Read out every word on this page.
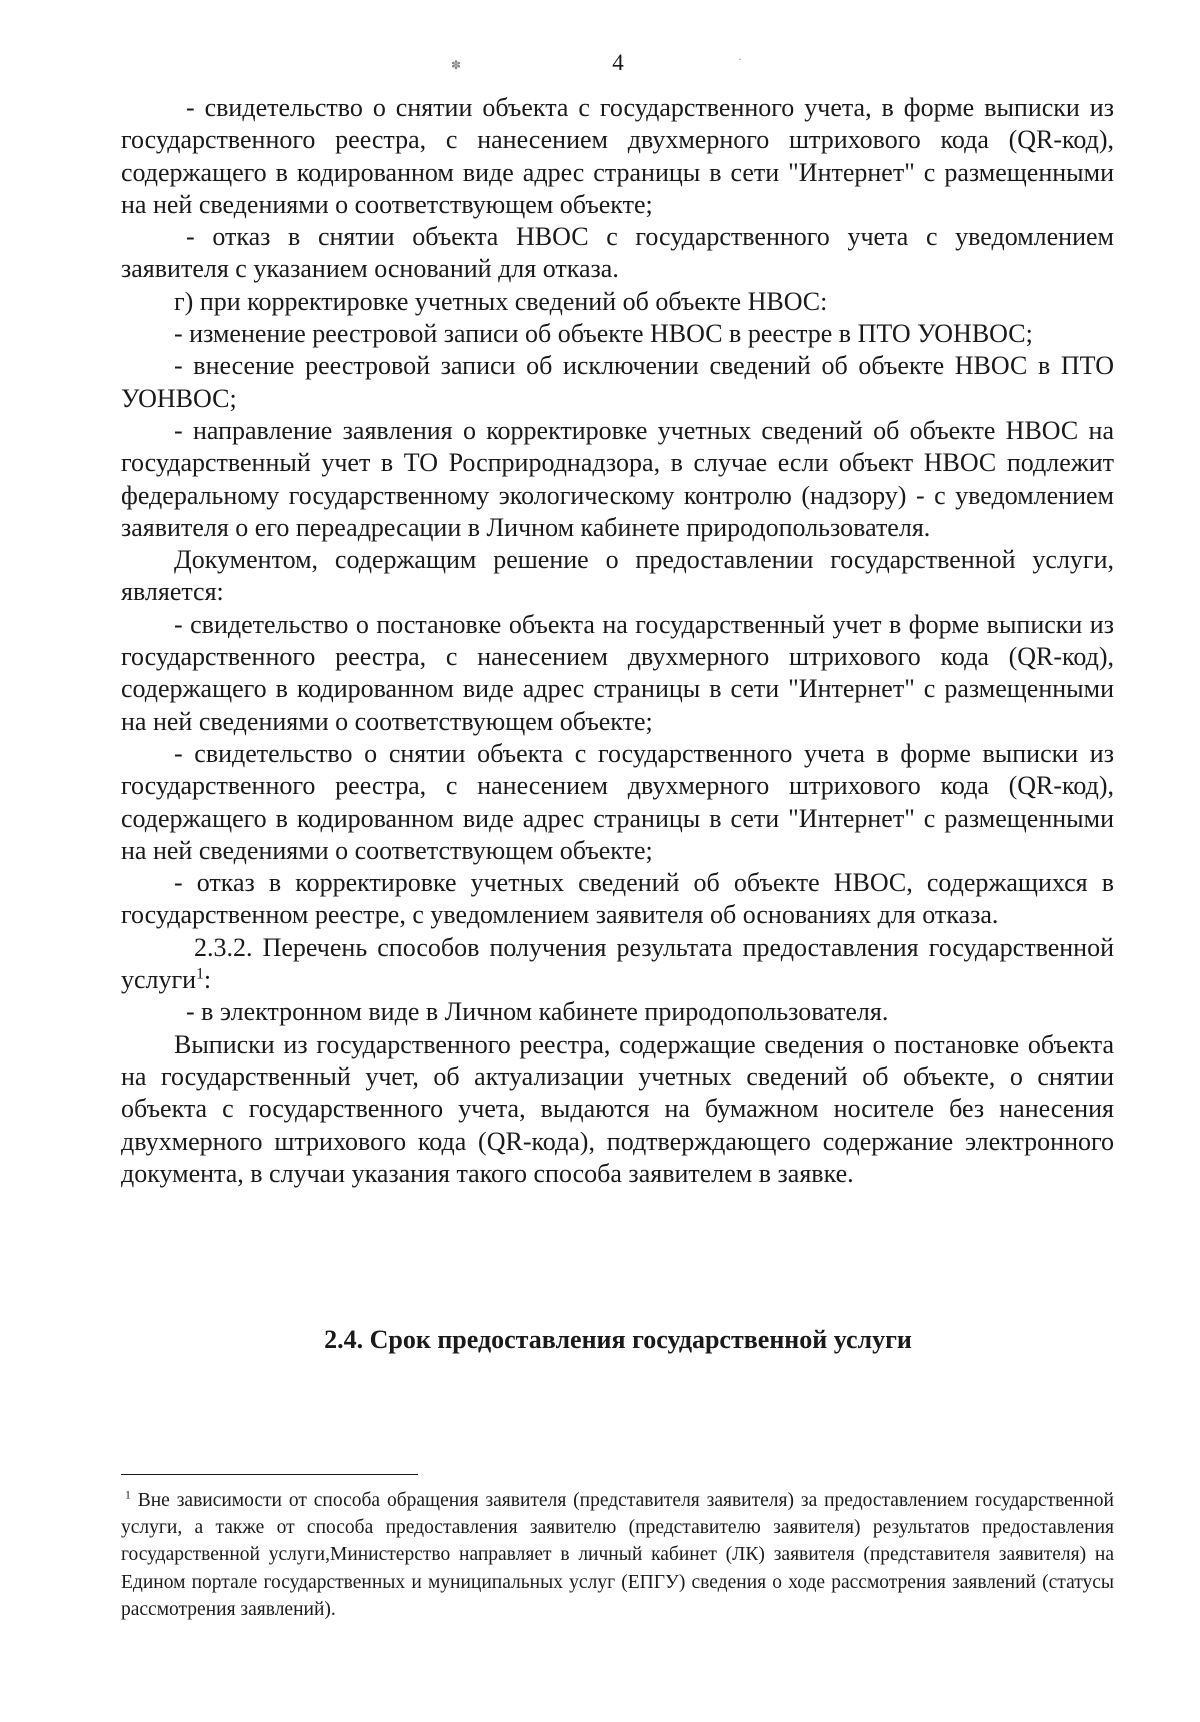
✽	·
4

- свидетельство о снятии объекта с государственного учета, в форме выписки из государственного реестра, с нанесением двухмерного штрихового кода (QR-код), содержащего в кодированном виде адрес страницы в сети "Интернет" с размещенными на ней сведениями о соответствующем объекте;

- отказ в снятии объекта НВОС с государственного учета с уведомлением заявителя с указанием оснований для отказа.

г) при корректировке учетных сведений об объекте НВОС:

- изменение реестровой записи об объекте НВОС в реестре в ПТО УОНВОС;

- внесение реестровой записи об исключении сведений об объекте НВОС в ПТО УОНВОС;

- направление заявления о корректировке учетных сведений об объекте НВОС на государственный учет в ТО Росприроднадзора, в случае если объект НВОС подлежит федеральному государственному экологическому контролю (надзору) - с уведомлением заявителя о его переадресации в Личном кабинете природопользователя.

Документом, содержащим решение о предоставлении государственной услуги, является:

- свидетельство о постановке объекта на государственный учет в форме выписки из государственного реестра, с нанесением двухмерного штрихового кода (QR-код), содержащего в кодированном виде адрес страницы в сети "Интернет" с размещенными на ней сведениями о соответствующем объекте;

- свидетельство о снятии объекта с государственного учета в форме выписки из государственного реестра, с нанесением двухмерного штрихового кода (QR-код), содержащего в кодированном виде адрес страницы в сети "Интернет" с размещенными на ней сведениями о соответствующем объекте;

- отказ в корректировке учетных сведений об объекте НВОС, содержащихся в государственном реестре, с уведомлением заявителя об основаниях для отказа.

2.3.2. Перечень способов получения результата предоставления государственной услуги$^1$:

- в электронном виде в Личном кабинете природопользователя.

Выписки из государственного реестра, содержащие сведения о постановке объекта на государственный учет, об актуализации учетных сведений об объекте, о снятии объекта с государственного учета, выдаются на бумажном носителе без нанесения двухмерного штрихового кода (QR-кода), подтверждающего содержание электронного документа, в случаи указания такого способа заявителем в заявке.

2.4. Срок предоставления государственной услуги
$^1$ Вне зависимости от способа обращения заявителя (представителя заявителя) за предоставлением государственной услуги, а также от способа предоставления заявителю (представителю заявителя) результатов предоставления государственной услуги,Министерство направляет в личный кабинет (ЛК) заявителя (представителя заявителя) на Едином портале государственных и муниципальных услуг (ЕПГУ) сведения о ходе рассмотрения заявлений (статусы рассмотрения заявлений).
